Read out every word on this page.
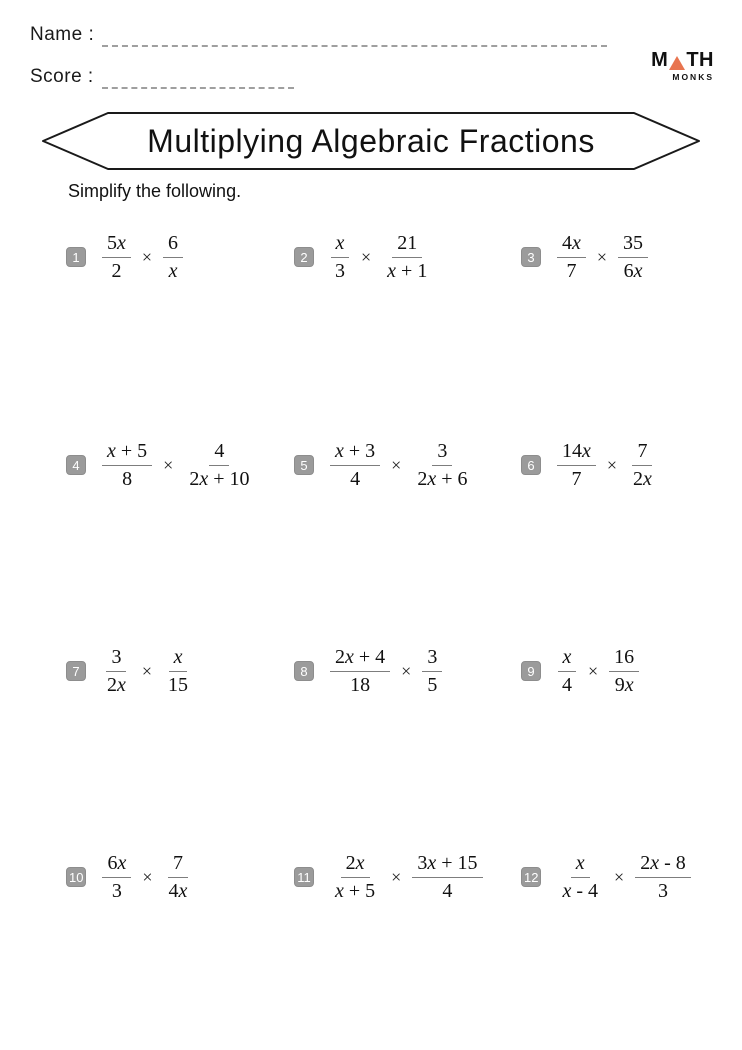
Name :
Score :
M TH
MONKS
Multiplying Algebraic Fractions
Simplify the following.
1	$\frac{5x}{2} \times \frac{6}{x}$	2	$\frac{x}{3} \times \frac{21}{x + 1}$	3	$\frac{4x}{7} \times \frac{35}{6x}$
4	$\frac{x + 5}{8} \times \frac{4}{2x + 10}$	5	$\frac{x + 3}{4} \times \frac{3}{2x + 6}$	6	$\frac{14x}{7} \times \frac{7}{2x}$
7	$\frac{3}{2x} \times \frac{x}{15}$	8	$\frac{2x + 4}{18} \times \frac{3}{5}$	9	$\frac{x}{4} \times \frac{16}{9x}$
$10 \frac{6x}{3} \times \frac{7}{4x}$	$11 \frac{2x}{x + 5} \times \frac{3x + 15}{4}$	$12 \frac{x}{x - 4} \times \frac{2x - 8}{3}$
